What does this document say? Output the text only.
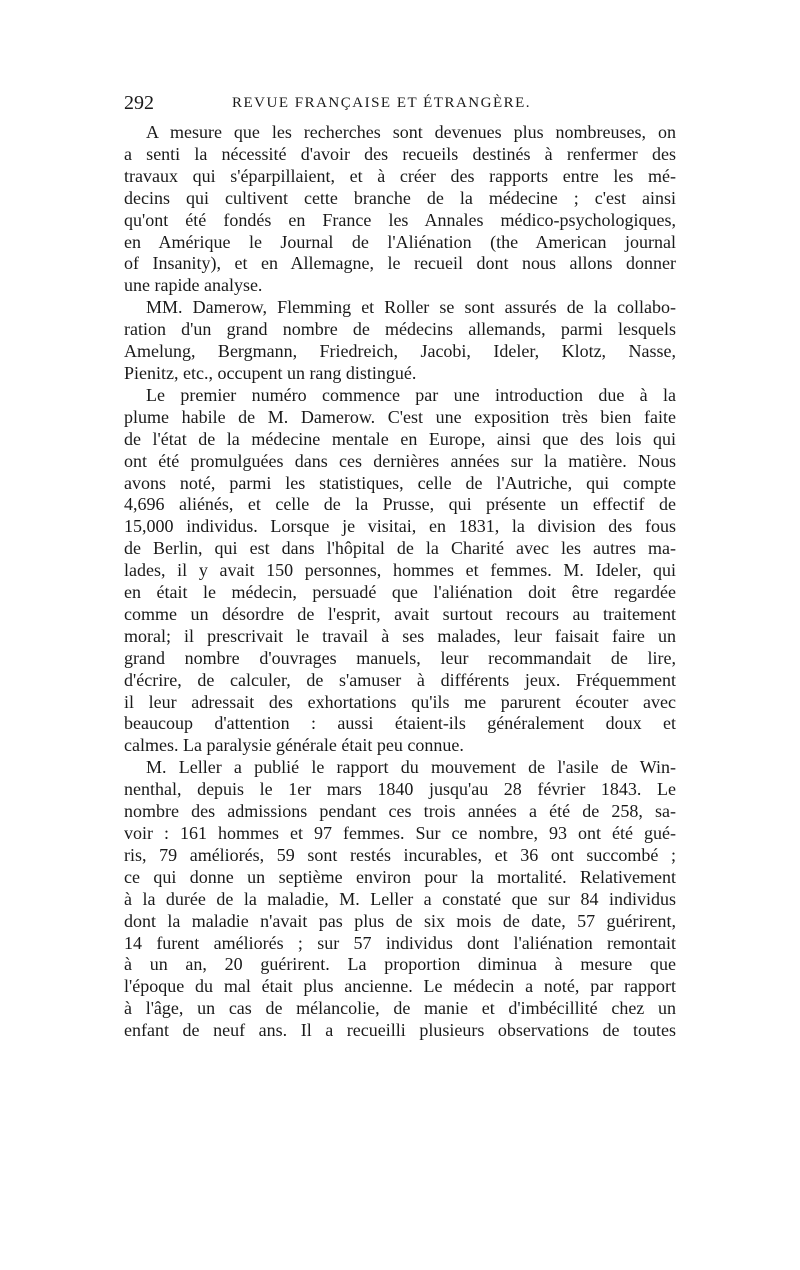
292	REVUE FRANÇAISE ET ÉTRANGÈRE.
A mesure que les recherches sont devenues plus nombreuses, on
a senti la nécessité d'avoir des recueils destinés à renfermer des
travaux qui s'éparpillaient, et à créer des rapports entre les mé-
decins qui cultivent cette branche de la médecine ; c'est ainsi
qu'ont été fondés en France les Annales médico-psychologiques,
en Amérique le Journal de l'Aliénation (the American journal
of Insanity), et en Allemagne, le recueil dont nous allons donner
une rapide analyse.
MM. Damerow, Flemming et Roller se sont assurés de la collabo-
ration d'un grand nombre de médecins allemands, parmi lesquels
Amelung, Bergmann, Friedreich, Jacobi, Ideler, Klotz, Nasse,
Pienitz, etc., occupent un rang distingué.
Le premier numéro commence par une introduction due à la
plume habile de M. Damerow. C'est une exposition très bien faite
de l'état de la médecine mentale en Europe, ainsi que des lois qui
ont été promulguées dans ces dernières années sur la matière. Nous
avons noté, parmi les statistiques, celle de l'Autriche, qui compte
4,696 aliénés, et celle de la Prusse, qui présente un effectif de
15,000 individus. Lorsque je visitai, en 1831, la division des fous
de Berlin, qui est dans l'hôpital de la Charité avec les autres ma-
lades, il y avait 150 personnes, hommes et femmes. M. Ideler, qui
en était le médecin, persuadé que l'aliénation doit être regardée
comme un désordre de l'esprit, avait surtout recours au traitement
moral; il prescrivait le travail à ses malades, leur faisait faire un
grand nombre d'ouvrages manuels, leur recommandait de lire,
d'écrire, de calculer, de s'amuser à différents jeux. Fréquemment
il leur adressait des exhortations qu'ils me parurent écouter avec
beaucoup d'attention : aussi étaient-ils généralement doux et
calmes. La paralysie générale était peu connue.
M. Leller a publié le rapport du mouvement de l'asile de Win-
nenthal, depuis le 1er mars 1840 jusqu'au 28 février 1843. Le
nombre des admissions pendant ces trois années a été de 258, sa-
voir : 161 hommes et 97 femmes. Sur ce nombre, 93 ont été gué-
ris, 79 améliorés, 59 sont restés incurables, et 36 ont succombé ;
ce qui donne un septième environ pour la mortalité. Relativement
à la durée de la maladie, M. Leller a constaté que sur 84 individus
dont la maladie n'avait pas plus de six mois de date, 57 guérirent,
14 furent améliorés ; sur 57 individus dont l'aliénation remontait
à un an, 20 guérirent. La proportion diminua à mesure que
l'époque du mal était plus ancienne. Le médecin a noté, par rapport
à l'âge, un cas de mélancolie, de manie et d'imbécillité chez un
enfant de neuf ans. Il a recueilli plusieurs observations de toutes
